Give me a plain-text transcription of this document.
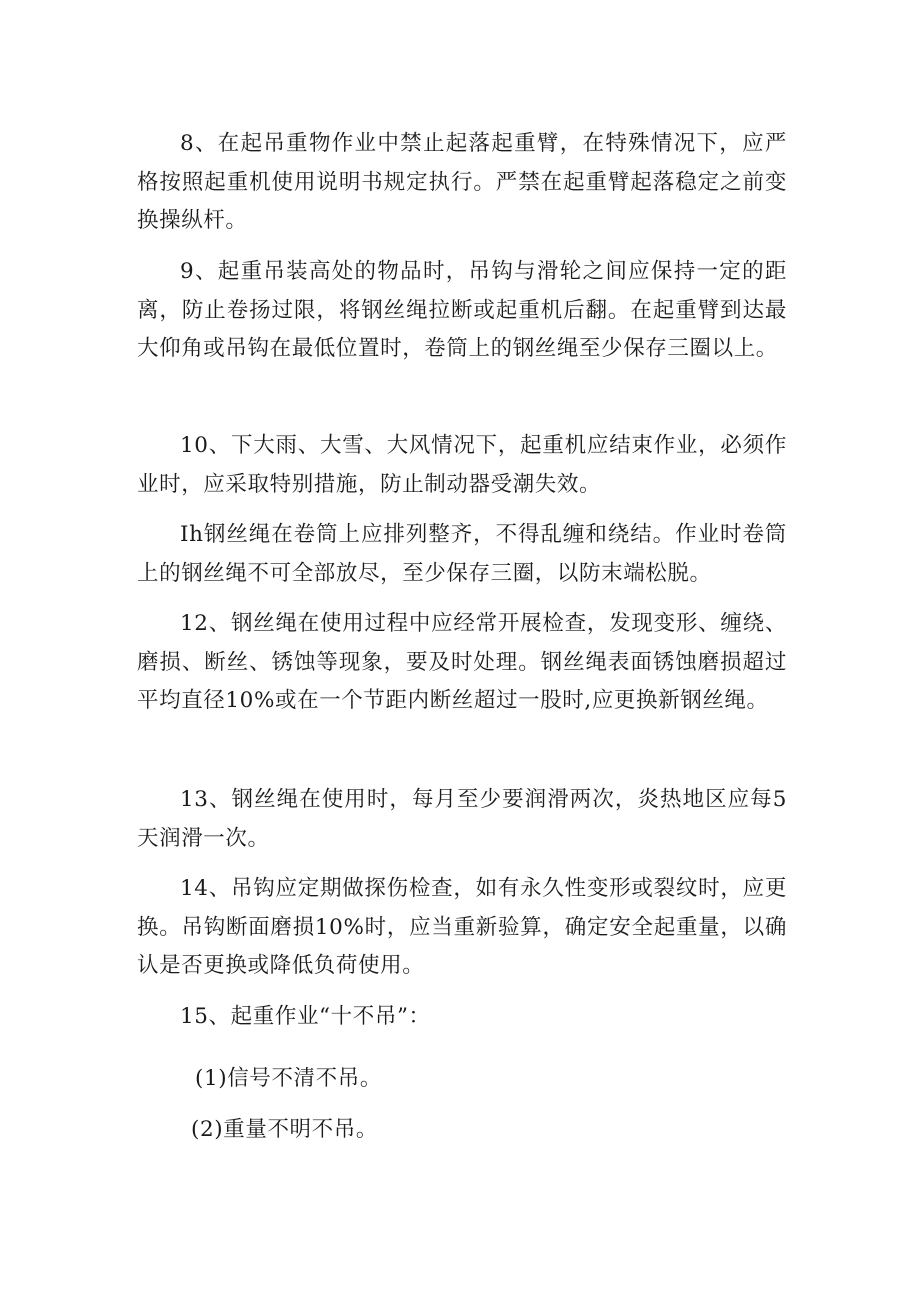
8、在起吊重物作业中禁止起落起重臂，在特殊情况下，应严格按照起重机使用说明书规定执行。严禁在起重臂起落稳定之前变换操纵杆。

9、起重吊装高处的物品时，吊钩与滑轮之间应保持一定的距离，防止卷扬过限，将钢丝绳拉断或起重机后翻。在起重臂到达最大仰角或吊钩在最低位置时，卷筒上的钢丝绳至少保存三圈以上。

10、下大雨、大雪、大风情况下，起重机应结束作业，必须作业时，应采取特别措施，防止制动器受潮失效。

Ih钢丝绳在卷筒上应排列整齐，不得乱缠和绕结。作业时卷筒上的钢丝绳不可全部放尽，至少保存三圈，以防末端松脱。

12、钢丝绳在使用过程中应经常开展检查，发现变形、缠绕、磨损、断丝、锈蚀等现象，要及时处理。钢丝绳表面锈蚀磨损超过平均直径10%或在一个节距内断丝超过一股时,应更换新钢丝绳。

13、钢丝绳在使用时，每月至少要润滑两次，炎热地区应每5天润滑一次。

14、吊钩应定期做探伤检查，如有永久性变形或裂纹时，应更换。吊钩断面磨损10%时，应当重新验算，确定安全起重量，以确认是否更换或降低负荷使用。

15、起重作业“十不吊”：

(1)信号不清不吊。

(2)重量不明不吊。
